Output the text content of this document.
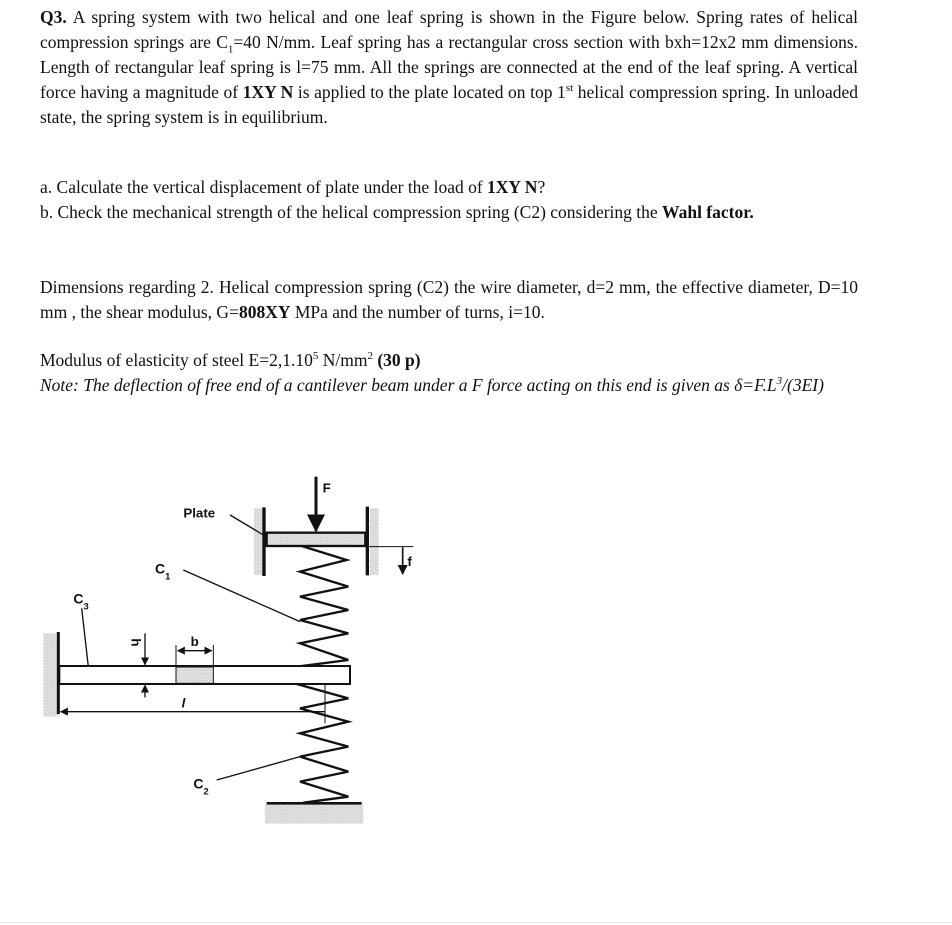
Q3. A spring system with two helical and one leaf spring is shown in the Figure below. Spring rates of helical compression springs are $C_1=40$ N/mm. Leaf spring has a rectangular cross section with bxh=12x2 mm dimensions. Length of rectangular leaf spring is l=75 mm. All the springs are connected at the end of the leaf spring. A vertical force having a magnitude of 1XY N is applied to the plate located on top 1st helical compression spring. In unloaded state, the spring system is in equilibrium.

a. Calculate the vertical displacement of plate under the load of 1XY N?

b. Check the mechanical strength of the helical compression spring (C2) considering the Wahl factor.

Dimensions regarding 2. Helical compression spring (C2) the wire diameter, d=2 mm, the effective diameter, D=10 mm , the shear modulus, G=808XY MPa and the number of turns, i=10.

Modulus of elasticity of steel $E=2,1.10^5$ $N/mm^2$ (30 p)

Note: The deflection of free end of a cantilever beam under a F force acting on this end is given as $\delta=F.L^3/(3EI)$

Plate
F
f
$C_1$
$C_3$
$C_2$
h b
l
